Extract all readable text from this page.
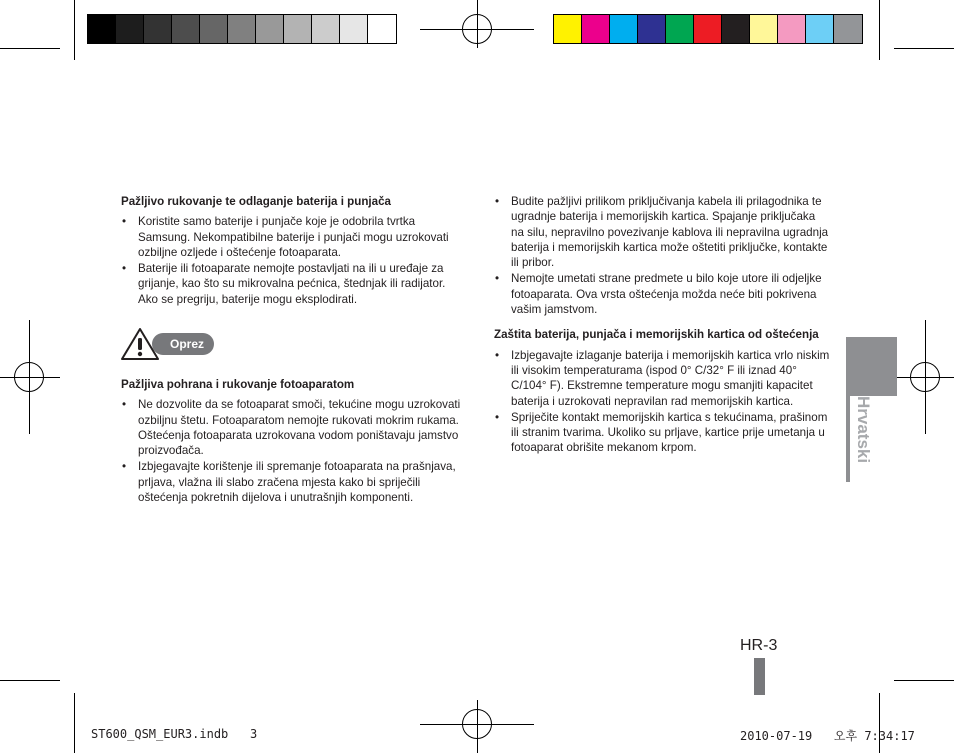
Pažljivo rukovanje te odlaganje baterija i punjača
• Koristite samo baterije i punjače koje je odobrila tvrtka Samsung. Nekompatibilne baterije i punjači mogu uzrokovati ozbiljne ozljede i oštećenje fotoaparata.
• Baterije ili fotoaparate nemojte postavljati na ili u uređaje za grijanje, kao što su mikrovalna pećnica, štednjak ili radijator. Ako se pregriju, baterije mogu eksplodirati.
Oprez
Pažljiva pohrana i rukovanje fotoaparatom
• Ne dozvolite da se fotoaparat smoči, tekućine mogu uzrokovati ozbiljnu štetu. Fotoaparatom nemojte rukovati mokrim rukama. Oštećenja fotoaparata uzrokovana vodom poništavaju jamstvo proizvođača.
• Izbjegavajte korištenje ili spremanje fotoaparata na prašnjava, prljava, vlažna ili slabo zračena mjesta kako bi spriječili oštećenja pokretnih dijelova i unutrašnjih komponenti.
• Budite pažljivi prilikom priključivanja kabela ili prilagodnika te ugradnje baterija i memorijskih kartica. Spajanje priključaka na silu, nepravilno povezivanje kablova ili nepravilna ugradnja baterija i memorijskih kartica može oštetiti priključke, kontakte ili pribor.
• Nemojte umetati strane predmete u bilo koje utore ili odjeljke fotoaparata. Ova vrsta oštećenja možda neće biti pokrivena vašim jamstvom.
Zaštita baterija, punjača i memorijskih kartica od oštećenja
• Izbjegavajte izlaganje baterija i memorijskih kartica vrlo niskim ili visokim temperaturama (ispod 0° C/32° F ili iznad 40° C/104° F). Ekstremne temperature mogu smanjiti kapacitet baterija i uzrokovati nepravilan rad memorijskih kartica.
• Spriječite kontakt memorijskih kartica s tekućinama, prašinom ili stranim tvarima. Ukoliko su prljave, kartice prije umetanja u fotoaparat obrišite mekanom krpom.	Hrvatski
HR-3
ST600_QSM_EUR3.indb   3	2010-07-19   오후 7:34:17
